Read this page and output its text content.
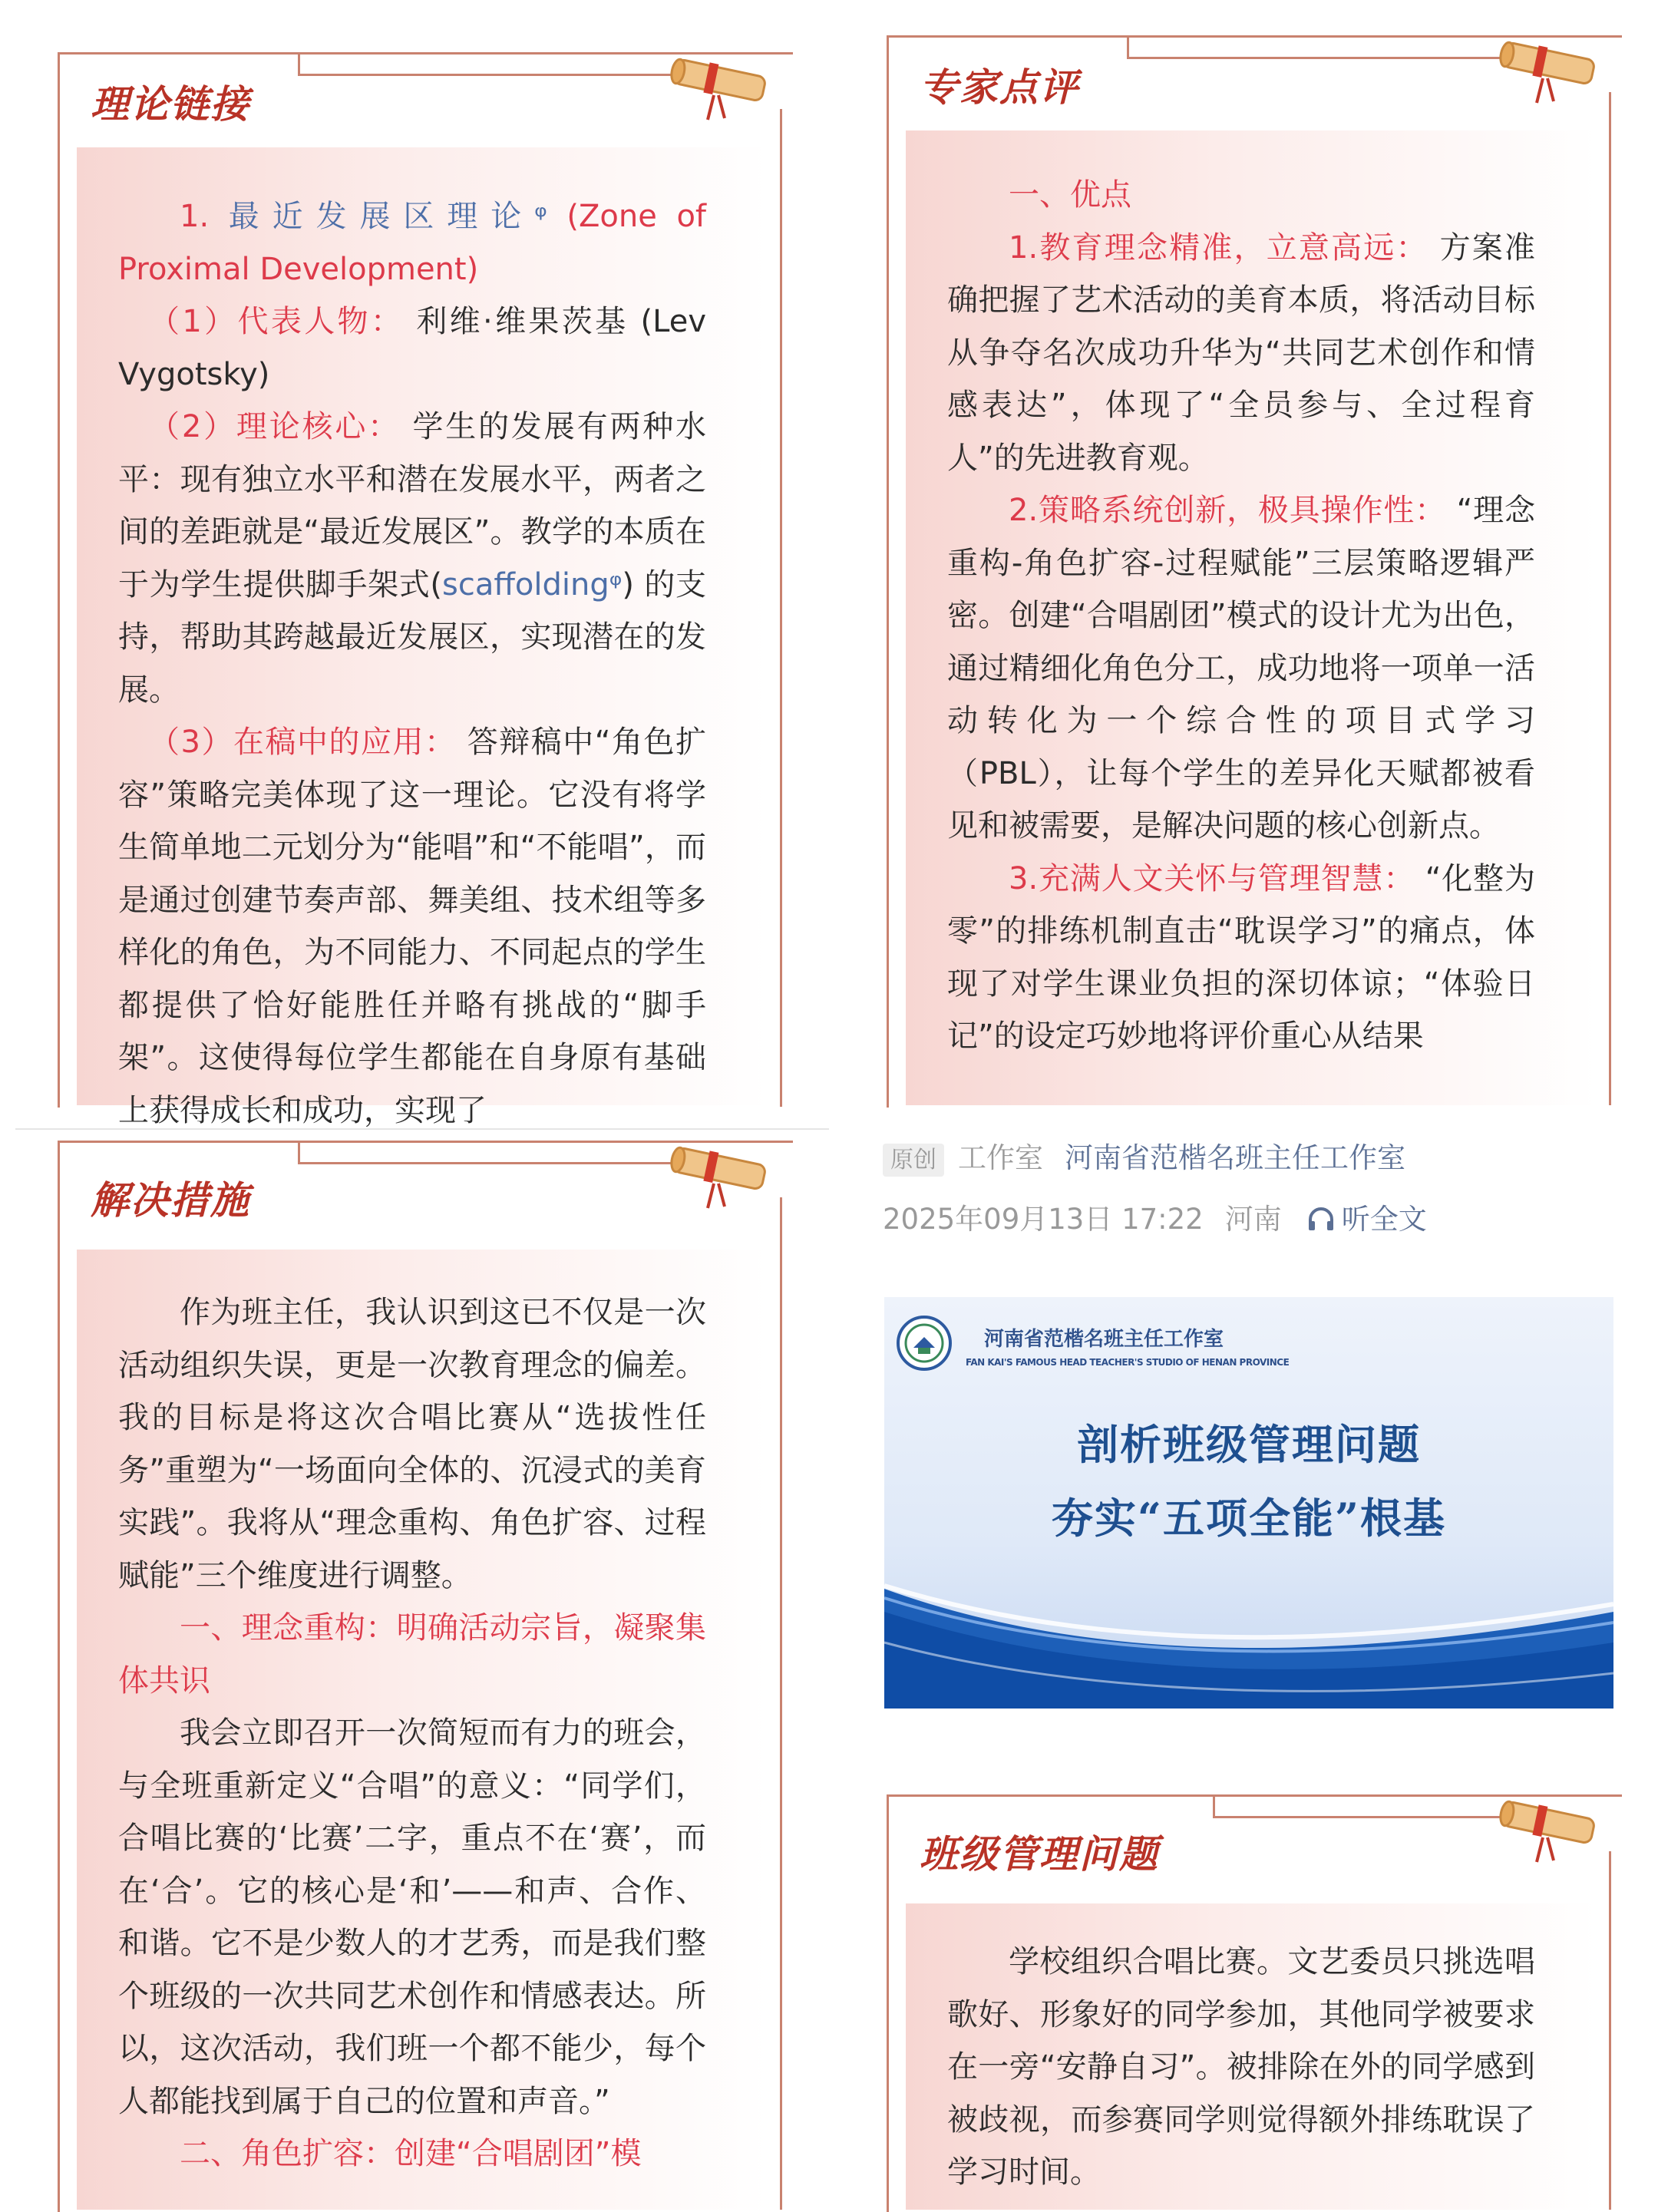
理论链接

1. 最近发展区理论ᵠ (Zone of Proximal Development)

（1）代表人物： 利维·维果茨基 (Lev Vygotsky)

（2）理论核心： 学生的发展有两种水平：现有独立水平和潜在发展水平，两者之间的差距就是“最近发展区”。教学的本质在于为学生提供脚手架式(scaffoldingᵠ) 的支持，帮助其跨越最近发展区，实现潜在的发展。

（3）在稿中的应用： 答辩稿中“角色扩容”策略完美体现了这一理论。它没有将学生简单地二元划分为“能唱”和“不能唱”，而是通过创建节奏声部、舞美组、技术组等多样化的角色，为不同能力、不同起点的学生都提供了恰好能胜任并略有挑战的“脚手架”。这使得每位学生都能在自身原有基础上获得成长和成功，实现了

专家点评

一、优点

1.教育理念精准，立意高远： 方案准确把握了艺术活动的美育本质，将活动目标从争夺名次成功升华为“共同艺术创作和情感表达”，体现了“全员参与、全过程育人”的先进教育观。

2.策略系统创新，极具操作性： “理念重构-角色扩容-过程赋能”三层策略逻辑严密。创建“合唱剧团”模式的设计尤为出色，通过精细化角色分工，成功地将一项单一活动转化为一个综合性的项目式学习（PBL），让每个学生的差异化天赋都被看见和被需要，是解决问题的核心创新点。

3.充满人文关怀与管理智慧： “化整为零”的排练机制直击“耽误学习”的痛点，体现了对学生课业负担的深切体谅；“体验日记”的设定巧妙地将评价重心从结果

解决措施

作为班主任，我认识到这已不仅是一次活动组织失误，更是一次教育理念的偏差。我的目标是将这次合唱比赛从“选拔性任务”重塑为“一场面向全体的、沉浸式的美育实践”。我将从“理念重构、角色扩容、过程赋能”三个维度进行调整。

一、理念重构：明确活动宗旨，凝聚集体共识

我会立即召开一次简短而有力的班会，与全班重新定义“合唱”的意义：“同学们，合唱比赛的‘比赛’二字，重点不在‘赛’，而在‘合’。它的核心是‘和’——和声、合作、和谐。它不是少数人的才艺秀，而是我们整个班级的一次共同艺术创作和情感表达。所以，这次活动，我们班一个都不能少，每个人都能找到属于自己的位置和声音。”

二、角色扩容：创建“合唱剧团”模

原创 工作室 河南省范楷名班主任工作室
2025年09月13日 17:22 河南 听全文
河南省范楷名班主任工作室
FAN KAI'S FAMOUS HEAD TEACHER'S STUDIO OF HENAN PROVINCE
剖析班级管理问题
夯实“五项全能”根基
班级管理问题

学校组织合唱比赛。文艺委员只挑选唱歌好、形象好的同学参加，其他同学被要求在一旁“安静自习”。被排除在外的同学感到被歧视，而参赛同学则觉得额外排练耽误了学习时间。
